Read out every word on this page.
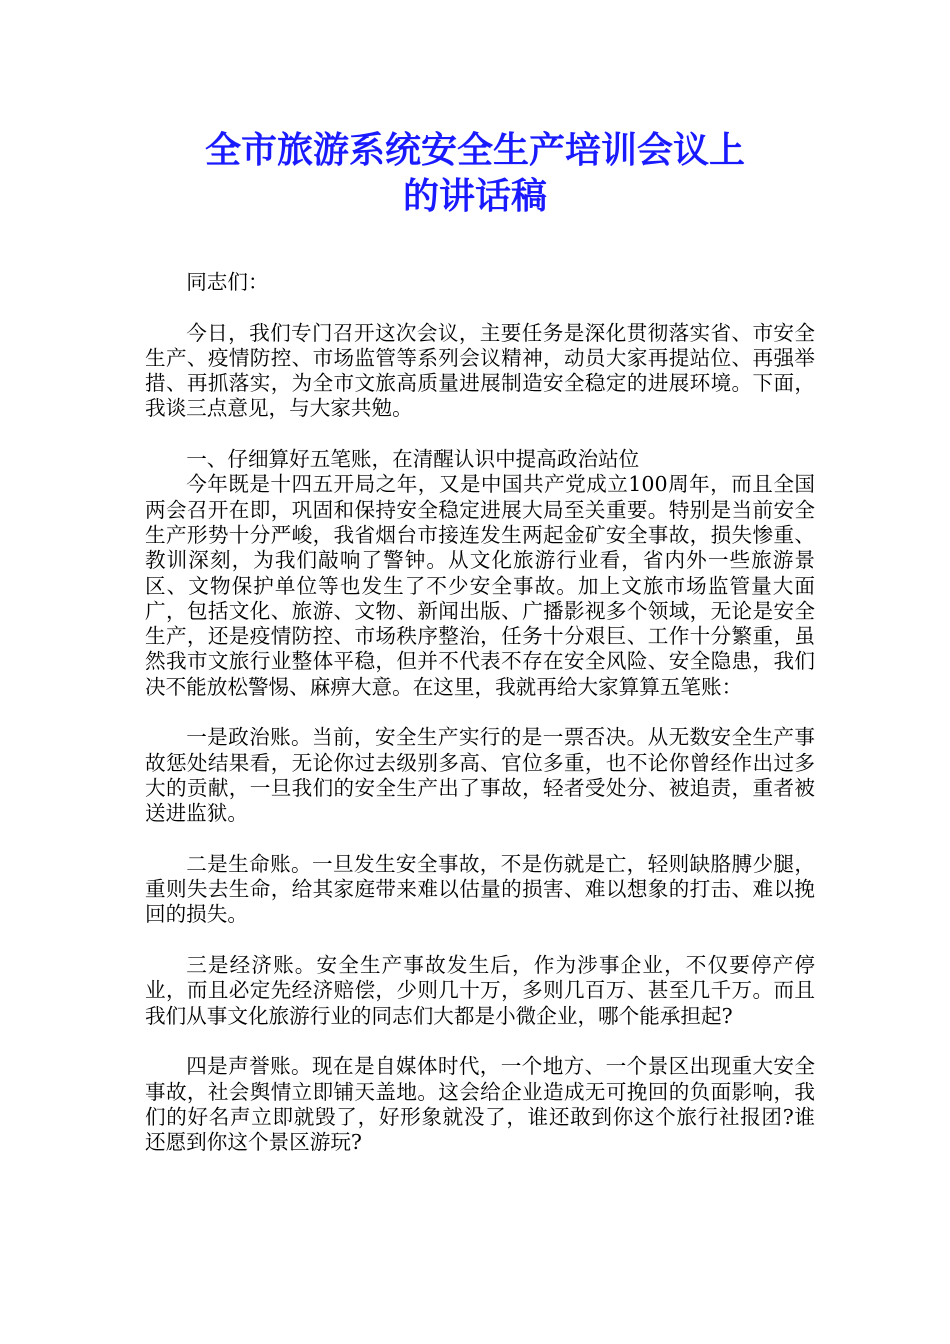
全市旅游系统安全生产培训会议上
的讲话稿

同志们：

今日，我们专门召开这次会议，主要任务是深化贯彻落实省、市安全生产、疫情防控、市场监管等系列会议精神，动员大家再提站位、再强举措、再抓落实，为全市文旅高质量进展制造安全稳定的进展环境。下面，我谈三点意见，与大家共勉。

一、仔细算好五笔账，在清醒认识中提高政治站位

今年既是十四五开局之年，又是中国共产党成立100周年，而且全国两会召开在即，巩固和保持安全稳定进展大局至关重要。特别是当前安全生产形势十分严峻，我省烟台市接连发生两起金矿安全事故，损失惨重、教训深刻，为我们敲响了警钟。从文化旅游行业看，省内外一些旅游景区、文物保护单位等也发生了不少安全事故。加上文旅市场监管量大面广，包括文化、旅游、文物、新闻出版、广播影视多个领域，无论是安全生产，还是疫情防控、市场秩序整治，任务十分艰巨、工作十分繁重，虽然我市文旅行业整体平稳，但并不代表不存在安全风险、安全隐患，我们决不能放松警惕、麻痹大意。在这里，我就再给大家算算五笔账：

一是政治账。当前，安全生产实行的是一票否决。从无数安全生产事故惩处结果看，无论你过去级别多高、官位多重，也不论你曾经作出过多大的贡献，一旦我们的安全生产出了事故，轻者受处分、被追责，重者被送进监狱。

二是生命账。一旦发生安全事故，不是伤就是亡，轻则缺胳膊少腿，重则失去生命，给其家庭带来难以估量的损害、难以想象的打击、难以挽回的损失。

三是经济账。安全生产事故发生后，作为涉事企业，不仅要停产停业，而且必定先经济赔偿，少则几十万，多则几百万、甚至几千万。而且我们从事文化旅游行业的同志们大都是小微企业，哪个能承担起?

四是声誉账。现在是自媒体时代，一个地方、一个景区出现重大安全事故，社会舆情立即铺天盖地。这会给企业造成无可挽回的负面影响，我们的好名声立即就毁了，好形象就没了，谁还敢到你这个旅行社报团?谁还愿到你这个景区游玩?
